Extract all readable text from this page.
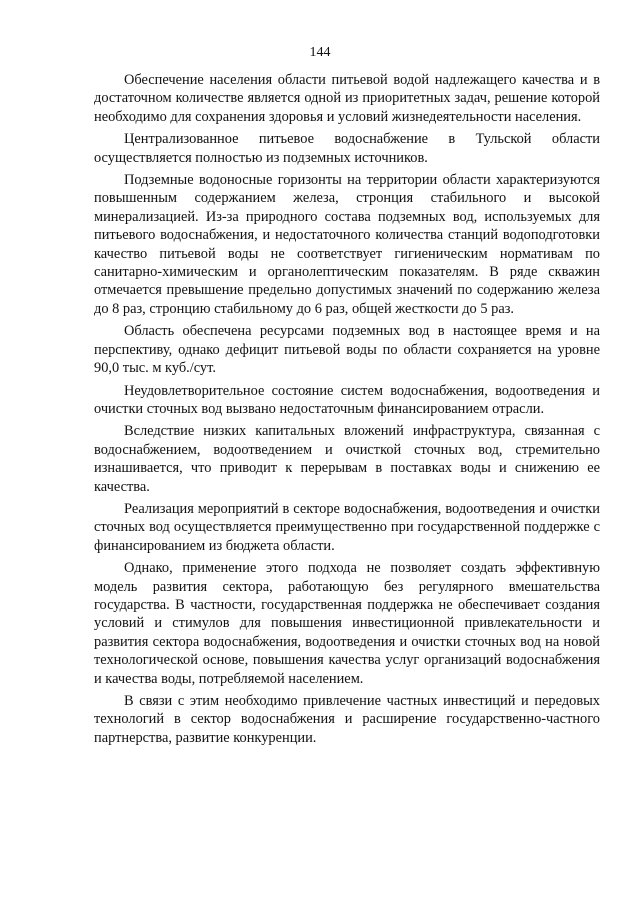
144

Обеспечение населения области питьевой водой надлежащего качества и в достаточном количестве является одной из приоритетных задач, решение которой необходимо для сохранения здоровья и условий жизнедеятельности населения.

Централизованное питьевое водоснабжение в Тульской области осуществляется полностью из подземных источников.

Подземные водоносные горизонты на территории области характеризуются повышенным содержанием железа, стронция стабильного и высокой минерализацией. Из-за природного состава подземных вод, используемых для питьевого водоснабжения, и недостаточного количества станций водоподготовки качество питьевой воды не соответствует гигиеническим нормативам по санитарно-химическим и органолептическим показателям. В ряде скважин отмечается превышение предельно допустимых значений по содержанию железа до 8 раз, стронцию стабильному до 6 раз, общей жесткости до 5 раз.

Область обеспечена ресурсами подземных вод в настоящее время и на перспективу, однако дефицит питьевой воды по области сохраняется на уровне 90,0 тыс. м куб./сут.

Неудовлетворительное состояние систем водоснабжения, водоотведения и очистки сточных вод вызвано недостаточным финансированием отрасли.

Вследствие низких капитальных вложений инфраструктура, связанная с водоснабжением, водоотведением и очисткой сточных вод, стремительно изнашивается, что приводит к перерывам в поставках воды и снижению ее качества.

Реализация мероприятий в секторе водоснабжения, водоотведения и очистки сточных вод осуществляется преимущественно при государственной поддержке с финансированием из бюджета области.

Однако, применение этого подхода не позволяет создать эффективную модель развития сектора, работающую без регулярного вмешательства государства. В частности, государственная поддержка не обеспечивает создания условий и стимулов для повышения инвестиционной привлекательности и развития сектора водоснабжения, водоотведения и очистки сточных вод на новой технологической основе, повышения качества услуг организаций водоснабжения и качества воды, потребляемой населением.

В связи с этим необходимо привлечение частных инвестиций и передовых технологий в сектор водоснабжения и расширение государственно-частного партнерства, развитие конкуренции.
